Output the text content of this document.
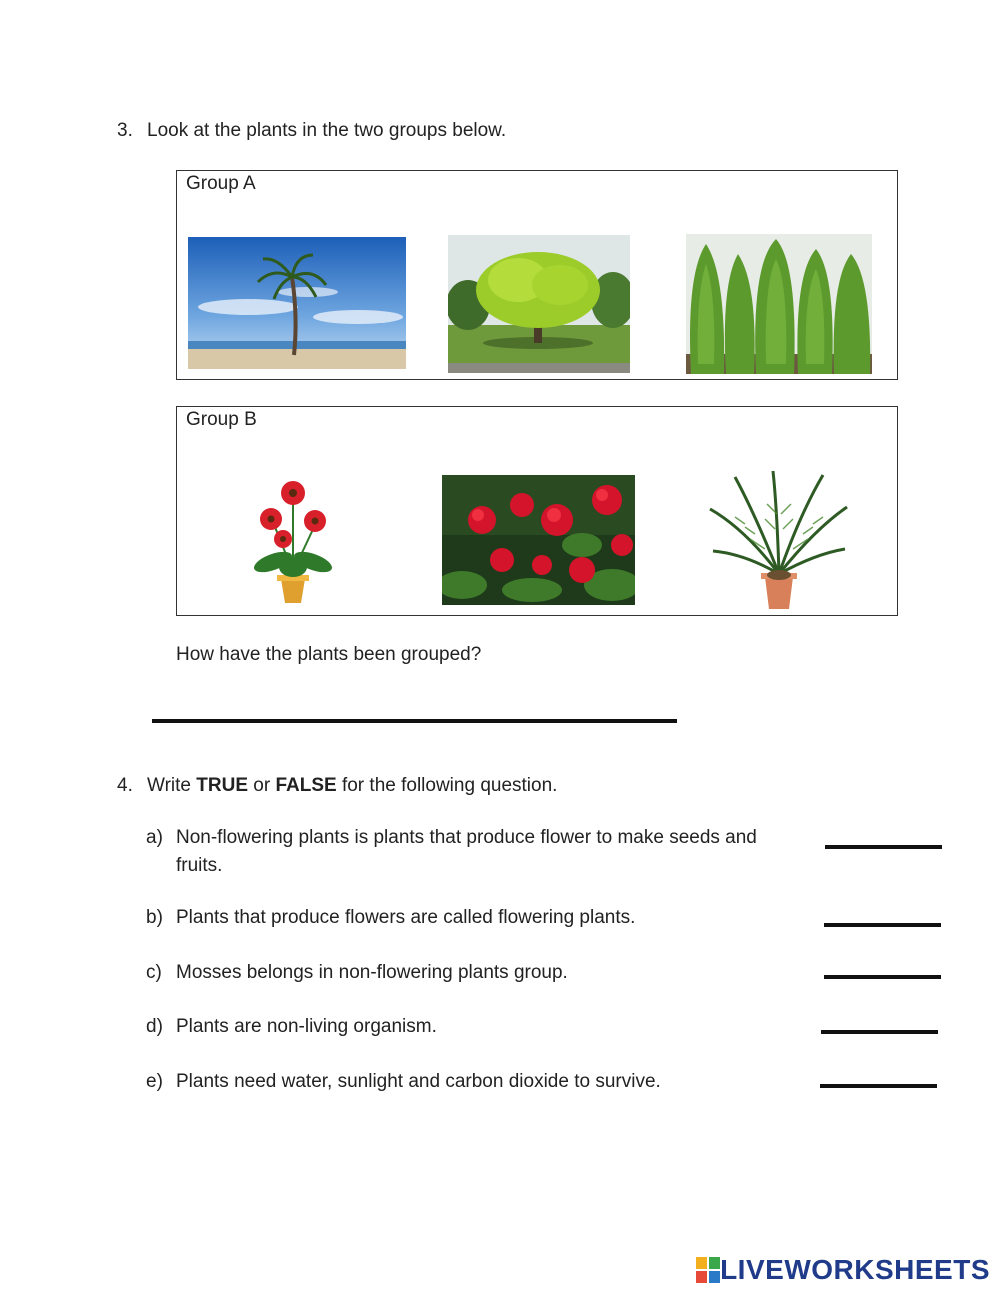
3. Look at the plants in the two groups below.
Group A
Group B
How have the plants been grouped?
4. Write TRUE or FALSE for the following question.
a) Non-flowering plants is plants that produce flower to make seeds and fruits.
b) Plants that produce flowers are called flowering plants.
c) Mosses belongs in non-flowering plants group.
d) Plants are non-living organism.
e) Plants need water, sunlight and carbon dioxide to survive.
LIVEWORKSHEETS
